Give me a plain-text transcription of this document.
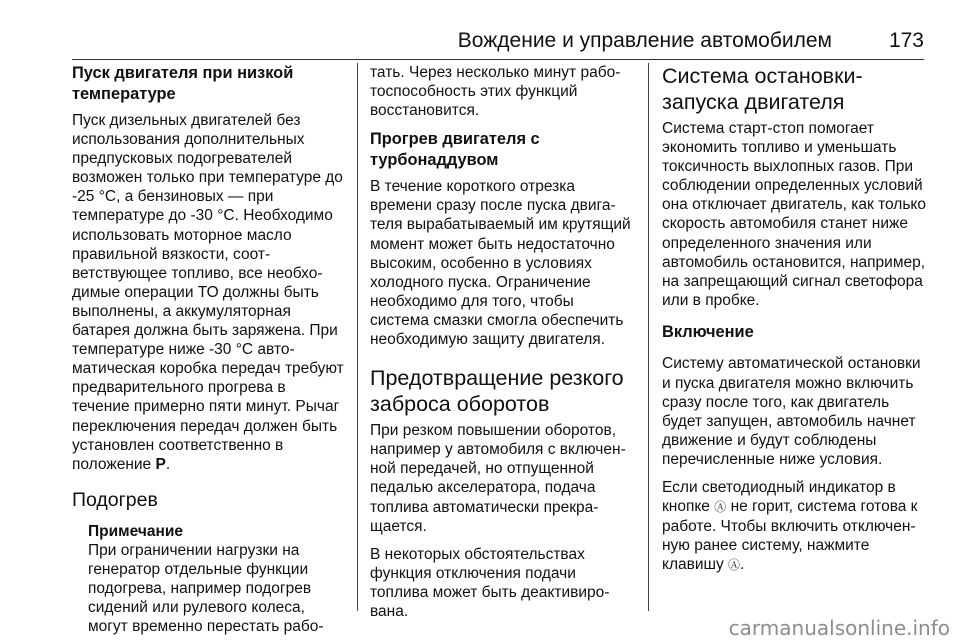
Вождение и управление автомобилем	173
Пуск двигателя при низкой температуре

Пуск дизельных двигателей без использования дополнительных предпусковых подогревателей возможен только при температуре до -25 °C, а бензиновых — при температуре до -30 °C. Необходимо использовать моторное масло правильной вязкости, соответствующее топливо, все необходимые операции ТО должны быть выполнены, а аккумуляторная батарея должна быть заряжена. При температуре ниже -30 °C автоматическая коробка передач требуют предварительного прогрева в течение примерно пяти минут. Рычаг переключения передач должен быть установлен соответственно в положение P.

Подогрев
Примечание
При ограничении нагрузки на генератор отдельные функции подогрева, например подогрев сидений или рулевого колеса, могут временно перестать рабо-

тать. Через несколько минут работоспособность этих функций восстановится.

Прогрев двигателя с турбонаддувом

В течение короткого отрезка времени сразу после пуска двигателя вырабатываемый им крутящий момент может быть недостаточно высоким, особенно в условиях холодного пуска. Ограничение необходимо для того, чтобы система смазки смогла обеспечить необходимую защиту двигателя.

Предотвращение резкого заброса оборотов

При резком повышении оборотов, например у автомобиля с включенной передачей, но отпущенной педалью акселератора, подача топлива автоматически прекращается.

В некоторых обстоятельствах функция отключения подачи топлива может быть деактивирована.

Система остановки-запуска двигателя

Система старт-стоп помогает экономить топливо и уменьшать токсичность выхлопных газов. При соблюдении определенных условий она отключает двигатель, как только скорость автомобиля станет ниже определенного значения или автомобиль остановится, например, на запрещающий сигнал светофора или в пробке.

Включение

Систему автоматической остановки и пуска двигателя можно включить сразу после того, как двигатель будет запущен, автомобиль начнет движение и будут соблюдены перечисленные ниже условия.

Если светодиодный индикатор в кнопке Ⓐ не горит, система готова к работе. Чтобы включить отключенную ранее систему, нажмите клавишу Ⓐ.

carmanualsonline.info
